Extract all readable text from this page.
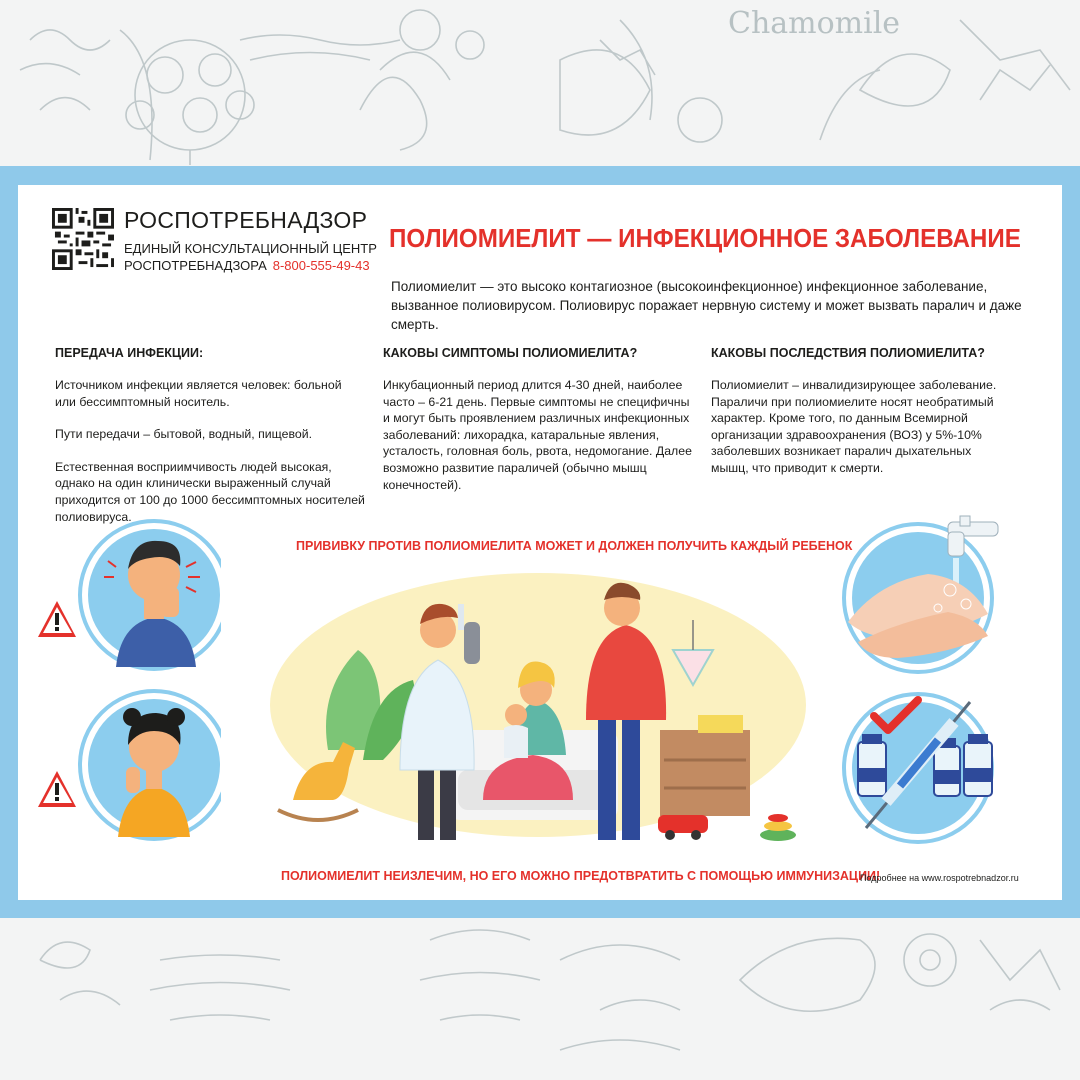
Chamomile
РОСПОТРЕБНАДЗОР
ЕДИНЫЙ КОНСУЛЬТАЦИОННЫЙ ЦЕНТР
РОСПОТРЕБНАДЗОРА 8-800-555-49-43
ПОЛИОМИЕЛИТ — ИНФЕКЦИОННОЕ ЗАБОЛЕВАНИЕ
Полиомиелит — это высоко контагиозное (высокоинфекционное) инфекционное заболевание, вызванное полиовирусом. Полиовирус поражает нервную систему и может вызвать паралич и даже смерть.
ПЕРЕДАЧА ИНФЕКЦИИ:

Источником инфекции является человек: больной или бессимптомный носитель.

Пути передачи – бытовой, водный, пищевой.

Естественная восприимчивость людей высокая, однако на один клинически выраженный случай приходится от 100 до 1000 бессимптомных носителей полиовируса.

КАКОВЫ СИМПТОМЫ ПОЛИОМИЕЛИТА?

Инкубационный период длится 4-30 дней, наиболее часто – 6-21 день. Первые симптомы не специфичны и могут быть проявлением различных инфекционных заболеваний: лихорадка, катаральные явления, усталость, головная боль, рвота, недомогание. Далее возможно развитие параличей (обычно мышц конечностей).

КАКОВЫ ПОСЛЕДСТВИЯ ПОЛИОМИЕЛИТА?

Полиомиелит – инвалидизирующее заболевание. Параличи при полиомиелите носят необратимый характер. Кроме того, по данным Всемирной организации здравоохранения (ВОЗ) у 5%-10% заболевших возникает паралич дыхательных мышц, что приводит к смерти.

ПРИВИВКУ ПРОТИВ ПОЛИОМИЕЛИТА МОЖЕТ И ДОЛЖЕН ПОЛУЧИТЬ КАЖДЫЙ РЕБЕНОК
ПОЛИОМИЕЛИТ НЕИЗЛЕЧИМ, НО ЕГО МОЖНО ПРЕДОТВРАТИТЬ С ПОМОЩЬЮ ИММУНИЗАЦИИ!
Подробнее на www.rospotrebnadzor.ru
